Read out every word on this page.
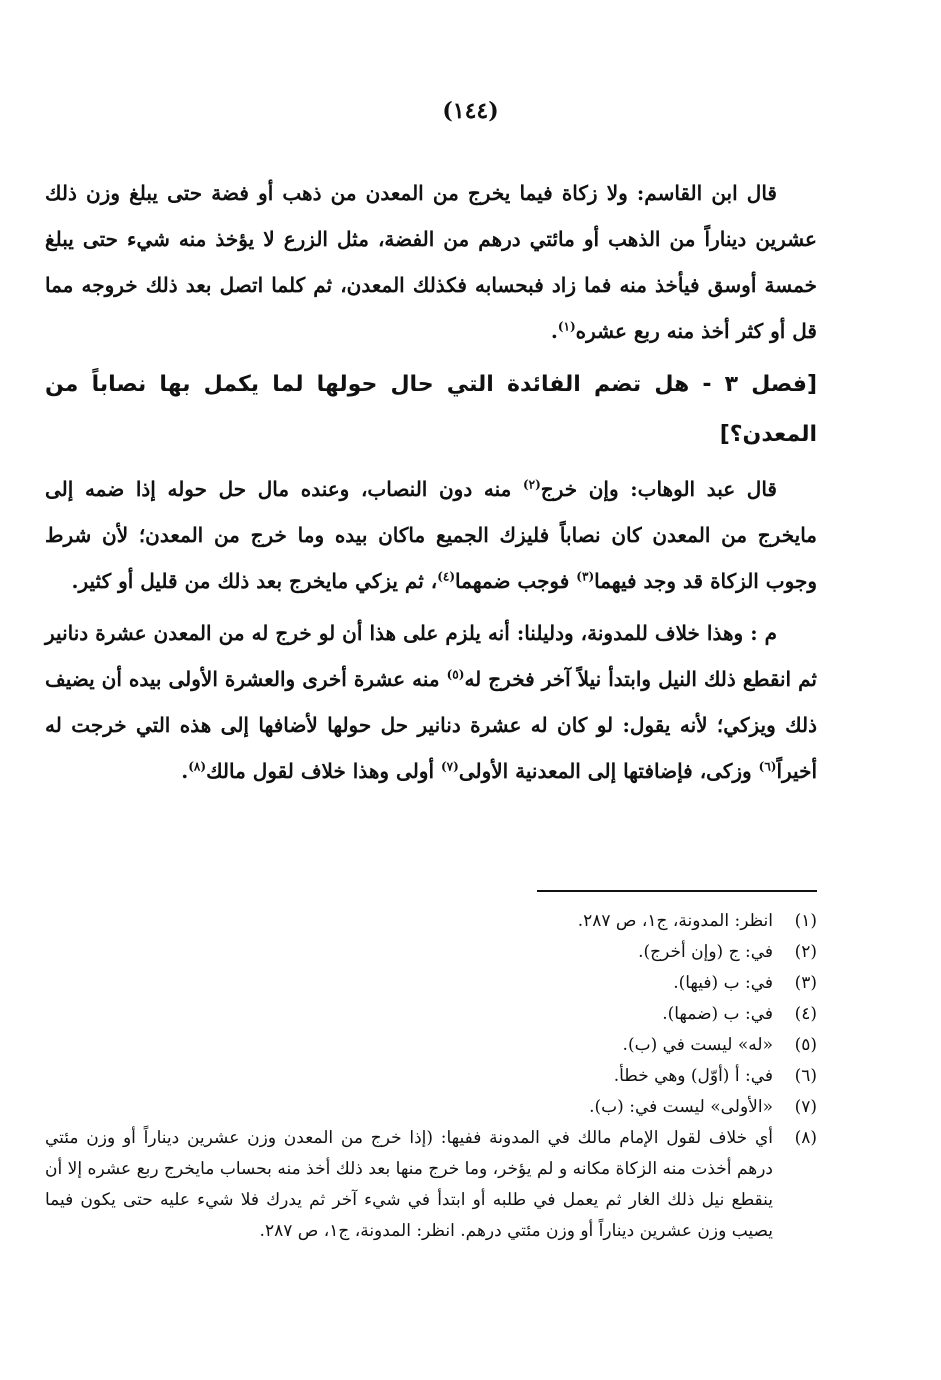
(١٤٤)

قال ابن القاسم: ولا زكاة فيما يخرج من المعدن من ذهب أو فضة حتى يبلغ وزن ذلك عشرين ديناراً من الذهب أو مائتي درهم من الفضة، مثل الزرع لا يؤخذ منه شيء حتى يبلغ خمسة أوسق فيأخذ منه فما زاد فبحسابه فكذلك المعدن، ثم كلما اتصل بعد ذلك خروجه مما قل أو كثر أخذ منه ربع عشره$^{(١)}$.

[فصل ٣ - هل تضم الفائدة التي حال حولها لما يكمل بها نصاباً من المعدن؟]

قال عبد الوهاب: وإن خرج$^{(٢)}$ منه دون النصاب، وعنده مال حل حوله إذا ضمه إلى مايخرج من المعدن كان نصاباً فليزك الجميع ماكان بيده وما خرج من المعدن؛ لأن شرط وجوب الزكاة قد وجد فيهما$^{(٣)}$ فوجب ضمهما$^{(٤)}$، ثم يزكي مايخرج بعد ذلك من قليل أو كثير.

م : وهذا خلاف للمدونة، ودليلنا: أنه يلزم على هذا أن لو خرج له من المعدن عشرة دنانير ثم انقطع ذلك النيل وابتدأ نيلاً آخر فخرج له$^{(٥)}$ منه عشرة أخرى والعشرة الأولى بيده أن يضيف ذلك ويزكي؛ لأنه يقول: لو كان له عشرة دنانير حل حولها لأضافها إلى هذه التي خرجت له أخيراً$^{(٦)}$ وزكى، فإضافتها إلى المعدنية الأولى$^{(٧)}$ أولى وهذا خلاف لقول مالك$^{(٨)}$.

(١)
انظر: المدونة، ج١، ص ٢٨٧.
(٢)
في: ج (وإن أخرج).
(٣)
في: ب (فيها).
(٤)
في: ب (ضمها).
(٥)
«له» ليست في (ب).
(٦)
في: أ (أوّل) وهي خطأ.
(٧)
«الأولى» ليست في: (ب).
(٨)
أي خلاف لقول الإمام مالك في المدونة ففيها: (إذا خرج من المعدن وزن عشرين ديناراً أو وزن مئتي درهم أخذت منه الزكاة مكانه و لم يؤخر، وما خرج منها بعد ذلك أخذ منه بحساب مايخرج ربع عشره إلا أن ينقطع نيل ذلك الغار ثم يعمل في طلبه أو ابتدأ في شيء آخر ثم يدرك فلا شيء عليه حتى يكون فيما يصيب وزن عشرين ديناراً أو وزن مئتي درهم. انظر: المدونة، ج١، ص ٢٨٧.
